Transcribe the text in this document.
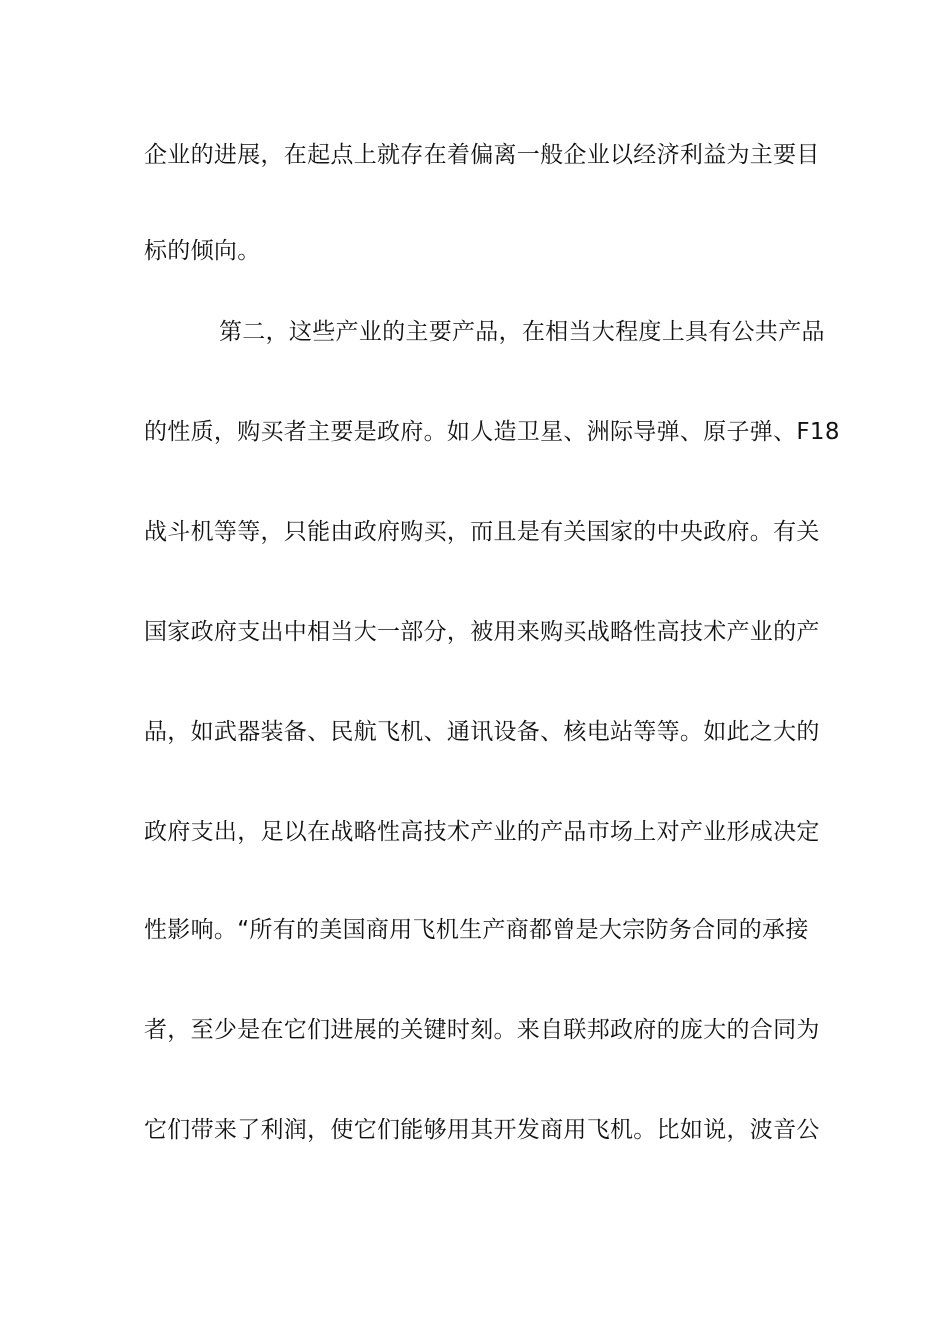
企业的进展，在起点上就存在着偏离一般企业以经济利益为主要目
标的倾向。
第二，这些产业的主要产品，在相当大程度上具有公共产品
的性质，购买者主要是政府。如人造卫星、洲际导弹、原子弹、F18
战斗机等等，只能由政府购买，而且是有关国家的中央政府。有关
国家政府支出中相当大一部分，被用来购买战略性高技术产业的产
品，如武器装备、民航飞机、通讯设备、核电站等等。如此之大的
政府支出，足以在战略性高技术产业的产品市场上对产业形成决定
性影响。“所有的美国商用飞机生产商都曾是大宗防务合同的承接
者，至少是在它们进展的关键时刻。来自联邦政府的庞大的合同为
它们带来了利润，使它们能够用其开发商用飞机。比如说，波音公
